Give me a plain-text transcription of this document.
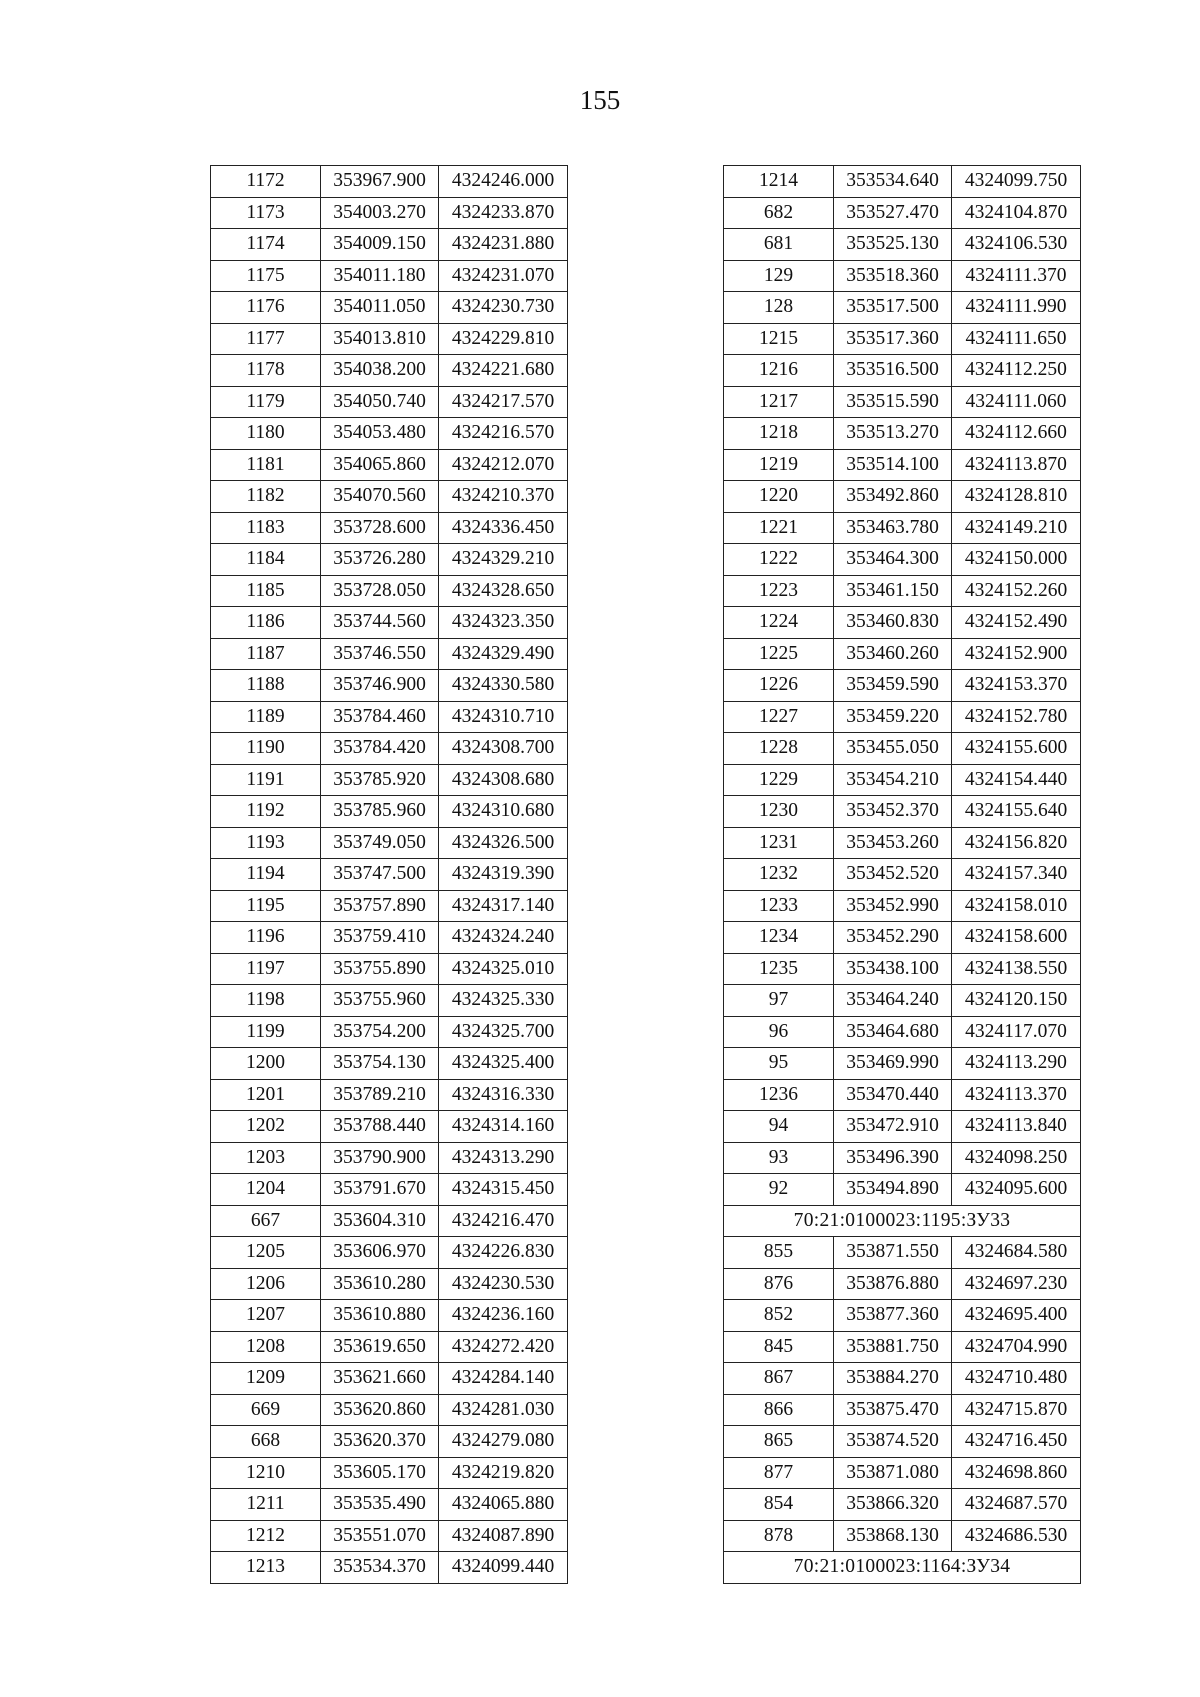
155
1172	353967.900	4324246.000
1173	354003.270	4324233.870
1174	354009.150	4324231.880
1175	354011.180	4324231.070
1176	354011.050	4324230.730
1177	354013.810	4324229.810
1178	354038.200	4324221.680
1179	354050.740	4324217.570
1180	354053.480	4324216.570
1181	354065.860	4324212.070
1182	354070.560	4324210.370
1183	353728.600	4324336.450
1184	353726.280	4324329.210
1185	353728.050	4324328.650
1186	353744.560	4324323.350
1187	353746.550	4324329.490
1188	353746.900	4324330.580
1189	353784.460	4324310.710
1190	353784.420	4324308.700
1191	353785.920	4324308.680
1192	353785.960	4324310.680
1193	353749.050	4324326.500
1194	353747.500	4324319.390
1195	353757.890	4324317.140
1196	353759.410	4324324.240
1197	353755.890	4324325.010
1198	353755.960	4324325.330
1199	353754.200	4324325.700
1200	353754.130	4324325.400
1201	353789.210	4324316.330
1202	353788.440	4324314.160
1203	353790.900	4324313.290
1204	353791.670	4324315.450
667	353604.310	4324216.470
1205	353606.970	4324226.830
1206	353610.280	4324230.530
1207	353610.880	4324236.160
1208	353619.650	4324272.420
1209	353621.660	4324284.140
669	353620.860	4324281.030
668	353620.370	4324279.080
1210	353605.170	4324219.820
1211	353535.490	4324065.880
1212	353551.070	4324087.890
1213	353534.370	4324099.440
1214	353534.640	4324099.750
682	353527.470	4324104.870
681	353525.130	4324106.530
129	353518.360	4324111.370
128	353517.500	4324111.990
1215	353517.360	4324111.650
1216	353516.500	4324112.250
1217	353515.590	4324111.060
1218	353513.270	4324112.660
1219	353514.100	4324113.870
1220	353492.860	4324128.810
1221	353463.780	4324149.210
1222	353464.300	4324150.000
1223	353461.150	4324152.260
1224	353460.830	4324152.490
1225	353460.260	4324152.900
1226	353459.590	4324153.370
1227	353459.220	4324152.780
1228	353455.050	4324155.600
1229	353454.210	4324154.440
1230	353452.370	4324155.640
1231	353453.260	4324156.820
1232	353452.520	4324157.340
1233	353452.990	4324158.010
1234	353452.290	4324158.600
1235	353438.100	4324138.550
97	353464.240	4324120.150
96	353464.680	4324117.070
95	353469.990	4324113.290
1236	353470.440	4324113.370
94	353472.910	4324113.840
93	353496.390	4324098.250
92	353494.890	4324095.600
70:21:0100023:1195:ЗУ33		
855	353871.550	4324684.580
876	353876.880	4324697.230
852	353877.360	4324695.400
845	353881.750	4324704.990
867	353884.270	4324710.480
866	353875.470	4324715.870
865	353874.520	4324716.450
877	353871.080	4324698.860
854	353866.320	4324687.570
878	353868.130	4324686.530
70:21:0100023:1164:ЗУ34		
